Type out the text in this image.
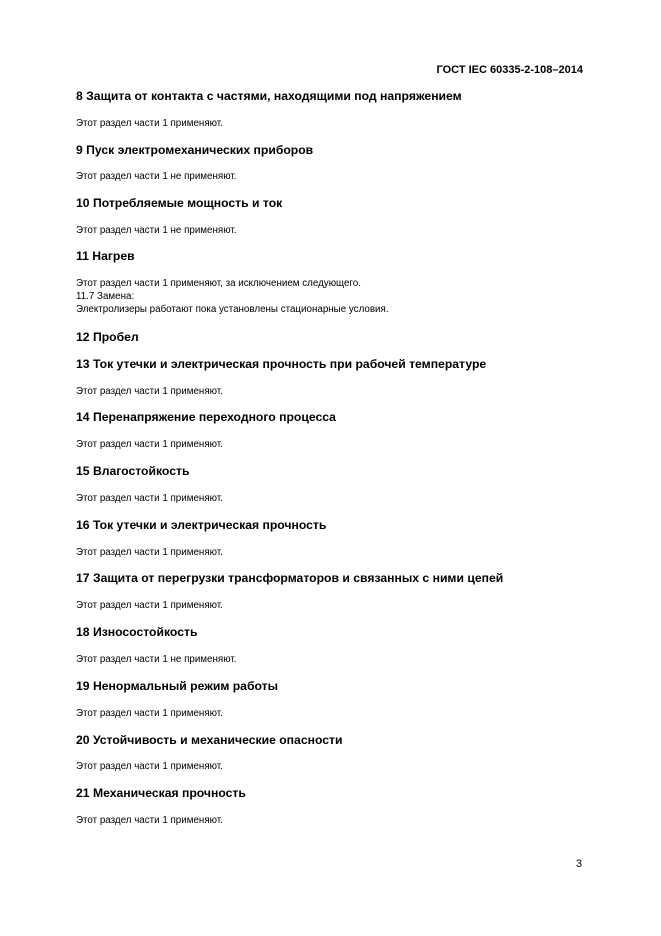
ГОСТ IEC 60335-2-108–2014
8 Защита от контакта с частями, находящими под напряжением
Этот раздел части 1 применяют.
9 Пуск электромеханических приборов
Этот раздел части 1 не применяют.
10 Потребляемые мощность и ток
Этот раздел части 1 не применяют.
11 Нагрев
Этот раздел части 1 применяют, за исключением следующего.
11.7 Замена:
Электролизеры работают пока установлены стационарные условия.
12 Пробел
13 Ток утечки и электрическая прочность при рабочей температуре
Этот раздел части 1 применяют.
14 Перенапряжение переходного процесса
Этот раздел части 1 применяют.
15 Влагостойкость
Этот раздел части 1 применяют.
16 Ток утечки и электрическая прочность
Этот раздел части 1 применяют.
17 Защита от перегрузки трансформаторов и связанных с ними цепей
Этот раздел части 1 применяют.
18 Износостойкость
Этот раздел части 1 не применяют.
19 Ненормальный режим работы
Этот раздел части 1 применяют.
20 Устойчивость и механические опасности
Этот раздел части 1 применяют.
21 Механическая прочность
Этот раздел части 1 применяют.
3
